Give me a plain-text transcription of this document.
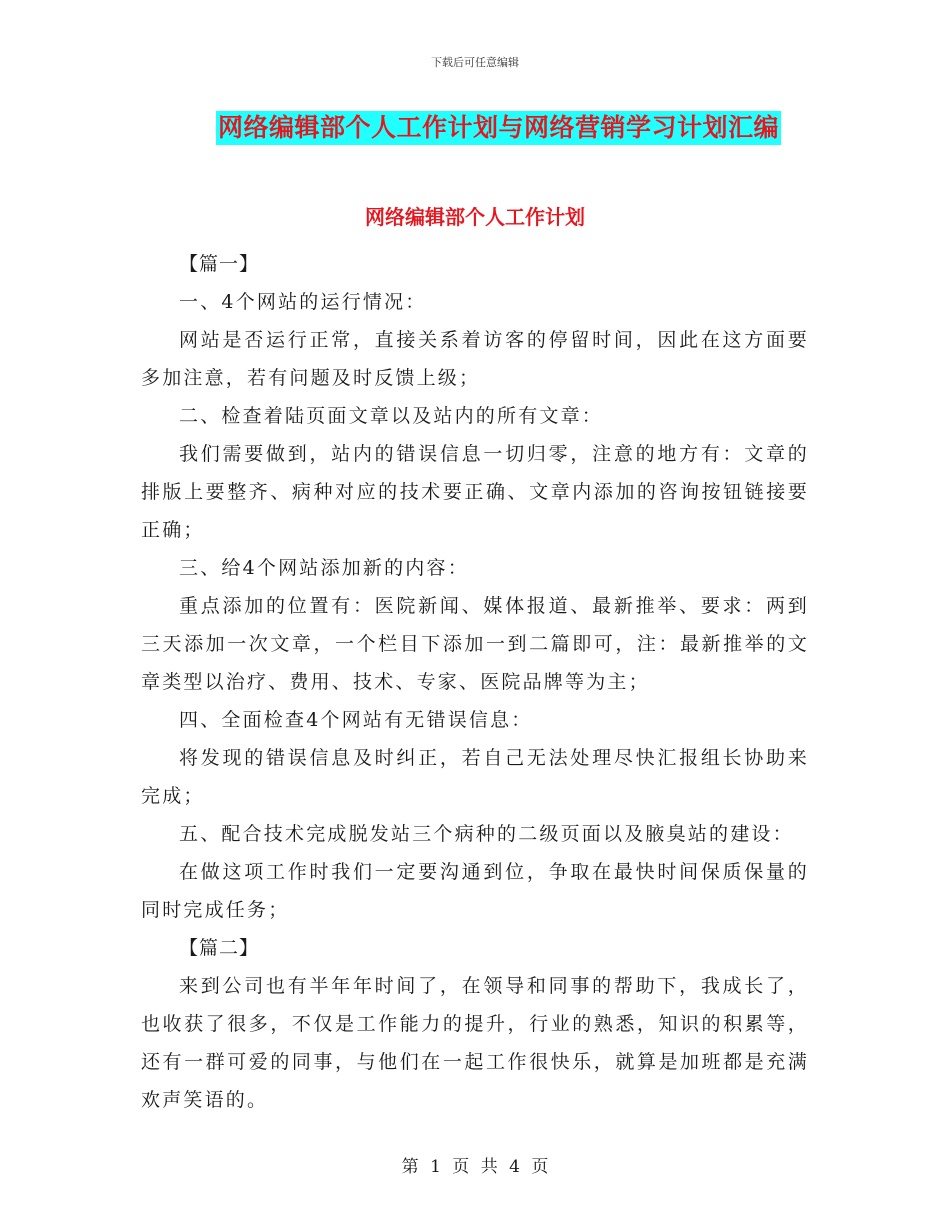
下载后可任意编辑
网络编辑部个人工作计划与网络营销学习计划汇编
网络编辑部个人工作计划

【篇一】

一、4个网站的运行情况：

网站是否运行正常，直接关系着访客的停留时间，因此在这方面要多加注意，若有问题及时反馈上级；

二、检查着陆页面文章以及站内的所有文章：

我们需要做到，站内的错误信息一切归零，注意的地方有：文章的排版上要整齐、病种对应的技术要正确、文章内添加的咨询按钮链接要正确；

三、给4个网站添加新的内容：

重点添加的位置有：医院新闻、媒体报道、最新推举、要求：两到三天添加一次文章，一个栏目下添加一到二篇即可，注：最新推举的文章类型以治疗、费用、技术、专家、医院品牌等为主；

四、全面检查4个网站有无错误信息：

将发现的错误信息及时纠正，若自己无法处理尽快汇报组长协助来完成；

五、配合技术完成脱发站三个病种的二级页面以及腋臭站的建设：

在做这项工作时我们一定要沟通到位，争取在最快时间保质保量的同时完成任务；

【篇二】

来到公司也有半年年时间了，在领导和同事的帮助下，我成长了，也收获了很多，不仅是工作能力的提升，行业的熟悉，知识的积累等，还有一群可爱的同事，与他们在一起工作很快乐，就算是加班都是充满欢声笑语的。

第 1 页 共 4 页
